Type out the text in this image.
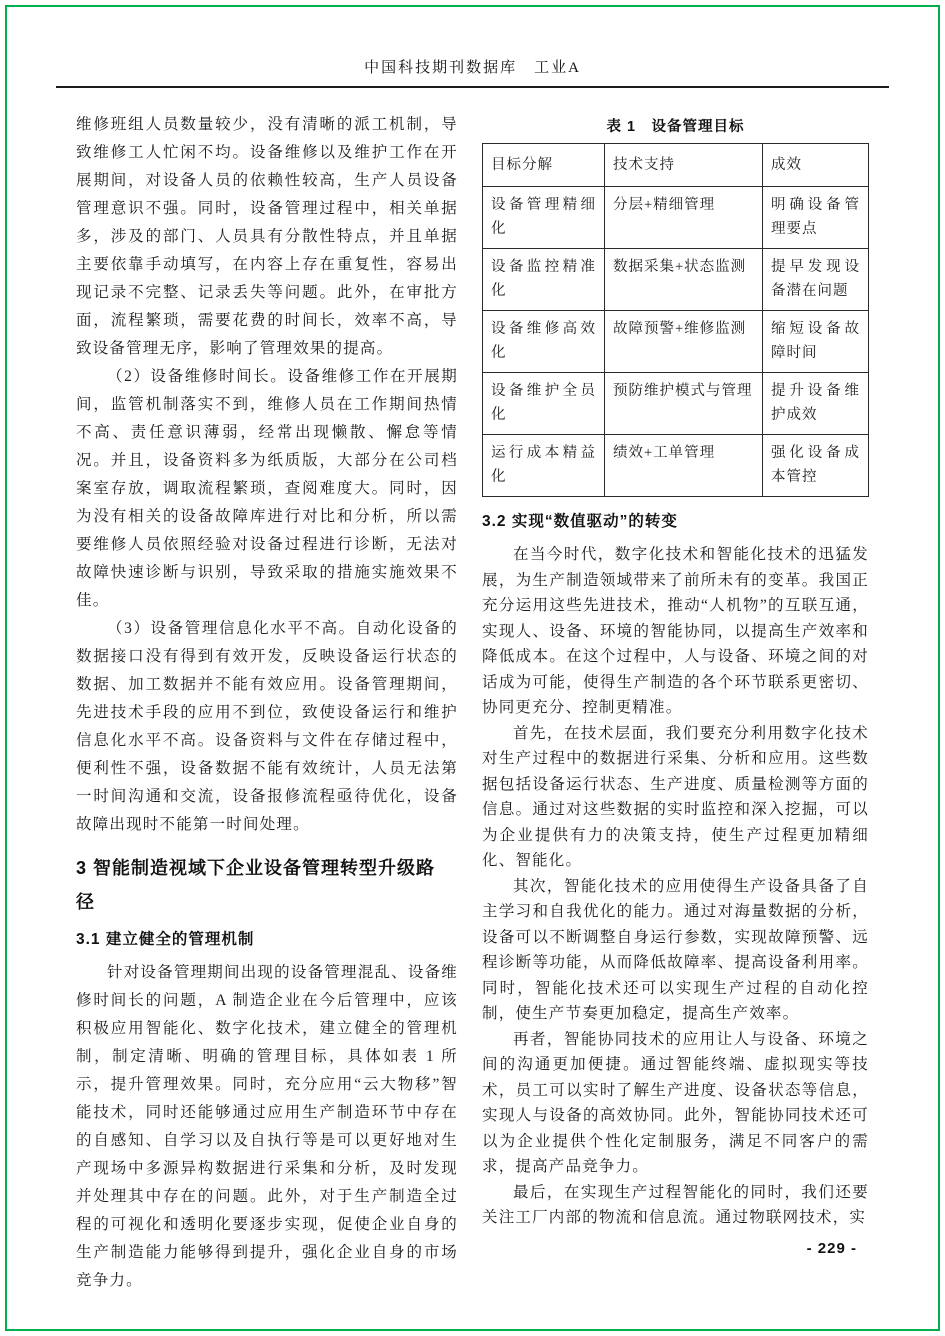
中国科技期刊数据库　工业A

维修班组人员数量较少，没有清晰的派工机制，导致维修工人忙闲不均。设备维修以及维护工作在开展期间，对设备人员的依赖性较高，生产人员设备管理意识不强。同时，设备管理过程中，相关单据多，涉及的部门、人员具有分散性特点，并且单据主要依靠手动填写，在内容上存在重复性，容易出现记录不完整、记录丢失等问题。此外，在审批方面，流程繁琐，需要花费的时间长，效率不高，导致设备管理无序，影响了管理效果的提高。

（2）设备维修时间长。设备维修工作在开展期间，监管机制落实不到，维修人员在工作期间热情不高、责任意识薄弱，经常出现懒散、懈怠等情况。并且，设备资料多为纸质版，大部分在公司档案室存放，调取流程繁琐，查阅难度大。同时，因为没有相关的设备故障库进行对比和分析，所以需要维修人员依照经验对设备过程进行诊断，无法对故障快速诊断与识别，导致采取的措施实施效果不佳。

（3）设备管理信息化水平不高。自动化设备的数据接口没有得到有效开发，反映设备运行状态的数据、加工数据并不能有效应用。设备管理期间，先进技术手段的应用不到位，致使设备运行和维护信息化水平不高。设备资料与文件在存储过程中，便利性不强，设备数据不能有效统计，人员无法第一时间沟通和交流，设备报修流程亟待优化，设备故障出现时不能第一时间处理。

3 智能制造视域下企业设备管理转型升级路径
3.1 建立健全的管理机制

针对设备管理期间出现的设备管理混乱、设备维修时间长的问题，A 制造企业在今后管理中，应该积极应用智能化、数字化技术，建立健全的管理机制，制定清晰、明确的管理目标，具体如表 1 所示，提升管理效果。同时，充分应用“云大物移”智能技术，同时还能够通过应用生产制造环节中存在的自感知、自学习以及自执行等是可以更好地对生产现场中多源异构数据进行采集和分析，及时发现并处理其中存在的问题。此外，对于生产制造全过程的可视化和透明化要逐步实现，促使企业自身的生产制造能力能够得到提升，强化企业自身的市场竞争力。

表 1　设备管理目标
目标分解	技术支持	成效
设备管理精细化	分层+精细管理	明确设备管理要点
设备监控精准化	数据采集+状态监测	提早发现设备潜在问题
设备维修高效化	故障预警+维修监测	缩短设备故障时间
设备维护全员化	预防维护模式与管理	提升设备维护成效
运行成本精益化	绩效+工单管理	强化设备成本管控
3.2 实现“数值驱动”的转变

在当今时代，数字化技术和智能化技术的迅猛发展，为生产制造领域带来了前所未有的变革。我国正充分运用这些先进技术，推动“人机物”的互联互通，实现人、设备、环境的智能协同，以提高生产效率和降低成本。在这个过程中，人与设备、环境之间的对话成为可能，使得生产制造的各个环节联系更密切、协同更充分、控制更精准。

首先，在技术层面，我们要充分利用数字化技术对生产过程中的数据进行采集、分析和应用。这些数据包括设备运行状态、生产进度、质量检测等方面的信息。通过对这些数据的实时监控和深入挖掘，可以为企业提供有力的决策支持，使生产过程更加精细化、智能化。

其次，智能化技术的应用使得生产设备具备了自主学习和自我优化的能力。通过对海量数据的分析，设备可以不断调整自身运行参数，实现故障预警、远程诊断等功能，从而降低故障率、提高设备利用率。同时，智能化技术还可以实现生产过程的自动化控制，使生产节奏更加稳定，提高生产效率。

再者，智能协同技术的应用让人与设备、环境之间的沟通更加便捷。通过智能终端、虚拟现实等技术，员工可以实时了解生产进度、设备状态等信息，实现人与设备的高效协同。此外，智能协同技术还可以为企业提供个性化定制服务，满足不同客户的需求，提高产品竞争力。

最后，在实现生产过程智能化的同时，我们还要关注工厂内部的物流和信息流。通过物联网技术，实

- 229 -
